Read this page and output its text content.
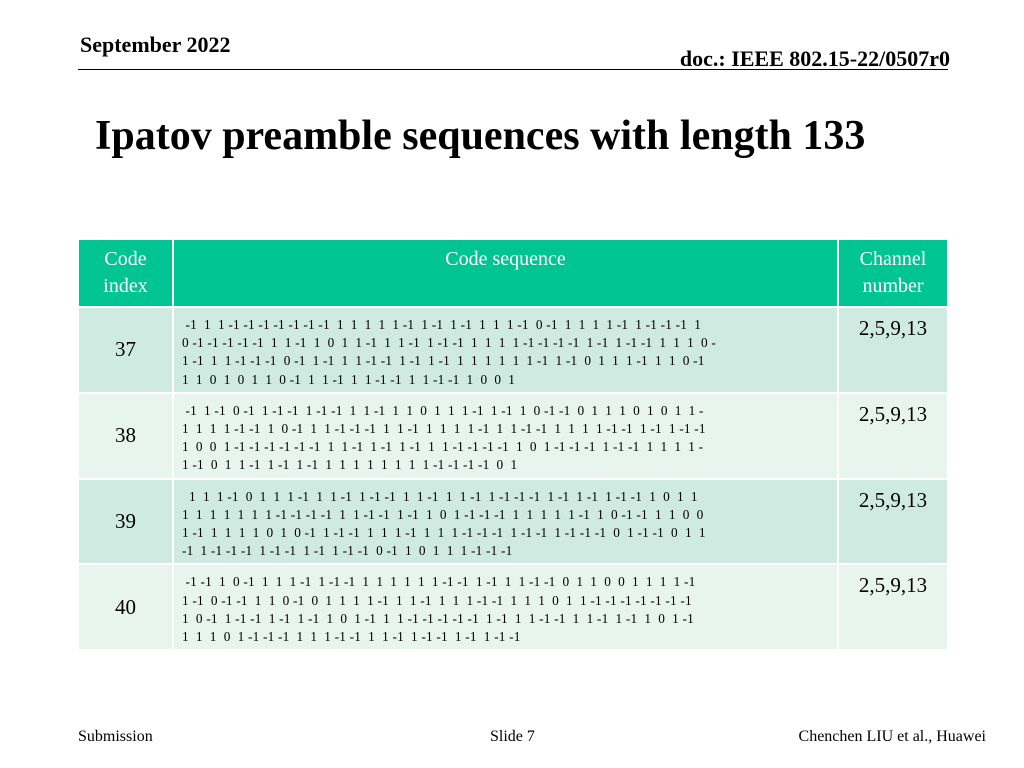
September 2022
doc.: IEEE 802.15-22/0507r0
Ipatov preamble sequences with length 133
Code
index	Code sequence	Channel
number
37	-1  1  1 -1 -1 -1 -1 -1 -1 -1  1  1  1  1  1 -1  1 -1  1 -1  1  1  1 -1  0 -1  1  1  1  1 -1  1 -1 -1 -1  1
0 -1 -1 -1 -1 -1  1  1 -1  1  0  1  1 -1  1  1 -1  1 -1 -1  1  1  1  1 -1 -1 -1 -1  1 -1  1 -1 -1  1  1  1  0 -
1 -1  1  1 -1 -1 -1  0 -1  1 -1  1  1 -1 -1  1 -1  1 -1  1  1  1  1  1  1 -1  1 -1  0  1  1  1 -1  1  1  0 -1
1  1  0  1  0  1  1  0 -1  1  1 -1  1  1 -1 -1  1  1 -1 -1  1  0  0  1	2,5,9,13
38	-1  1 -1  0 -1  1 -1 -1  1 -1 -1  1  1 -1  1  1  0  1  1  1 -1  1 -1  1  0 -1 -1  0  1  1  1  0  1  0  1  1 -
1  1  1  1 -1 -1  1  0 -1  1  1 -1 -1 -1  1  1 -1  1  1  1  1 -1  1  1 -1 -1  1  1  1  1 -1 -1  1 -1  1 -1 -1
1  0  0  1 -1 -1 -1 -1 -1 -1  1  1 -1  1 -1  1 -1  1  1 -1 -1 -1 -1  1  0  1 -1 -1 -1  1 -1 -1  1  1  1  1 -
1 -1  0  1  1 -1  1 -1  1 -1  1  1  1  1  1  1  1  1 -1 -1 -1 -1  0  1	2,5,9,13
39	1  1  1 -1  0  1  1  1 -1  1  1 -1  1 -1 -1  1  1 -1  1  1 -1  1 -1 -1 -1  1 -1  1 -1  1 -1 -1  1  0  1  1
1  1  1  1  1  1  1 -1 -1 -1 -1  1  1 -1 -1  1 -1  1  0  1 -1 -1 -1  1  1  1  1  1 -1  1  0 -1 -1  1  1  0  0
1 -1  1  1  1  1  0  1  0 -1  1 -1 -1  1  1  1 -1  1  1  1 -1 -1 -1  1 -1 -1  1 -1 -1 -1  0  1 -1 -1  0  1  1
-1  1 -1 -1 -1  1 -1 -1  1 -1  1 -1 -1  0 -1  1  0  1  1  1 -1 -1 -1	2,5,9,13
40	-1 -1  1  0 -1  1  1  1 -1  1 -1 -1  1  1  1  1  1  1 -1 -1  1 -1  1  1 -1 -1  0  1  1  0  0  1  1  1  1 -1
1 -1  0 -1 -1  1  1  0 -1  0  1  1  1  1 -1  1  1 -1  1  1  1 -1 -1  1  1  1  0  1  1 -1 -1 -1 -1 -1 -1 -1
1  0 -1  1 -1 -1  1 -1  1 -1  1  0  1 -1  1  1 -1 -1 -1 -1 -1  1 -1  1  1 -1 -1  1  1 -1  1 -1  1  0  1 -1
1  1  1  0  1 -1 -1 -1  1  1  1 -1 -1  1  1 -1  1 -1 -1  1 -1  1 -1 -1	2,5,9,13
Submission	Slide 7	Chenchen LIU et al., Huawei
